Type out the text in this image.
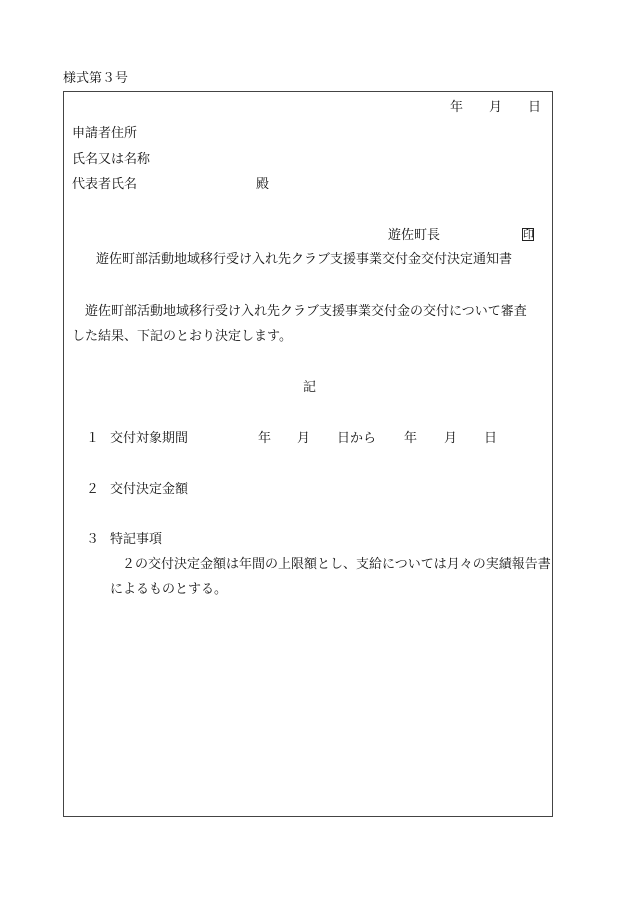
様式第３号
年 月 日
申請者住所
氏名又は名称
代表者氏名	殿
遊佐町長	印
遊佐町部活動地域移行受け入れ先クラブ支援事業交付金交付決定通知書
遊佐町部活動地域移行受け入れ先クラブ支援事業交付金の交付について審査
した結果、下記のとおり決定します。
記
１ 交付対象期間	年 月 日から 年 月 日
２ 交付決定金額
３ 特記事項
２の交付決定金額は年間の上限額とし、支給については月々の実績報告書
によるものとする。
